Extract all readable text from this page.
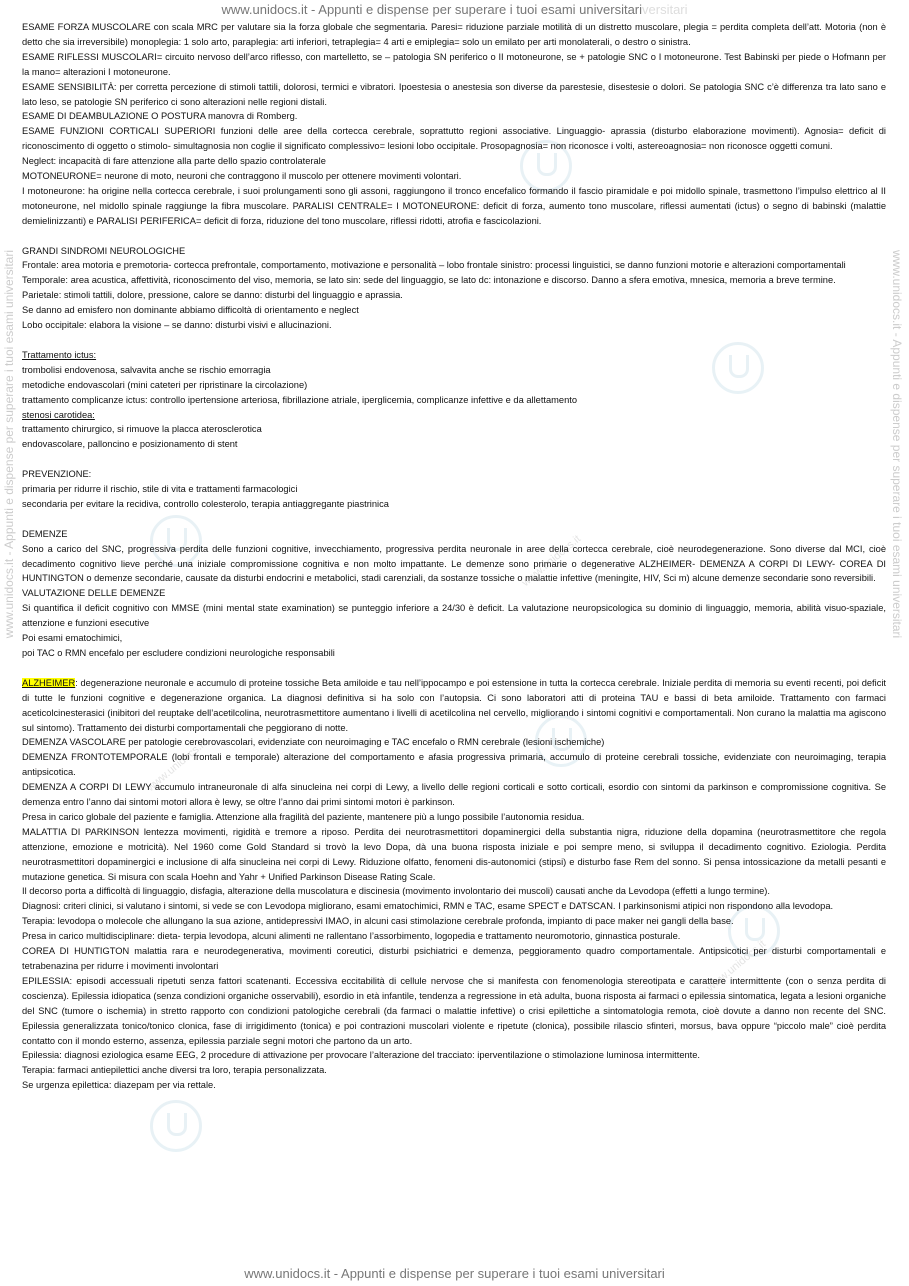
www.unidocs.it - Appunti e dispense per superare i tuoi esami universitariversitari
www.unidocs.it - Appunti e dispense per superare i tuoi esami universitari	www.unidocs.it - Appunti e dispense per superare i tuoi esami universitari
www.unidocs.it
www.unidocs.it
www.unidocs.it

ESAME FORZA MUSCOLARE con scala MRC per valutare sia la forza globale che segmentaria. Paresi= riduzione parziale motilità di un distretto muscolare, plegia = perdita completa dell’att. Motoria (non è detto che sia irreversibile) monoplegia: 1 solo arto, paraplegia: arti inferiori, tetraplegia= 4 arti e emiplegia= solo un emilato per arti monolaterali, o destro o sinistra.

ESAME RIFLESSI MUSCOLARI= circuito nervoso dell’arco riflesso, con martelletto, se – patologia SN periferico o II motoneurone, se + patologie SNC o I motoneurone. Test Babinski per piede o Hofmann per la mano= alterazioni I motoneurone.

ESAME SENSIBILITÀ: per corretta percezione di stimoli tattili, dolorosi, termici e vibratori. Ipoestesia o anestesia son diverse da parestesie, disestesie o dolori. Se patologia SNC c’è differenza tra lato sano e lato leso, se patologie SN periferico ci sono alterazioni nelle regioni distali.

ESAME DI DEAMBULAZIONE O POSTURA manovra di Romberg.

ESAME FUNZIONI CORTICALI SUPERIORI funzioni delle aree della cortecca cerebrale, soprattutto regioni associative. Linguaggio- aprassia (disturbo elaborazione movimenti). Agnosia= deficit di riconoscimento di oggetto o stimolo- simultagnosia non coglie il significato complessivo= lesioni lobo occipitale. Prosopagnosia= non riconosce i volti, astereoagnosia= non riconosce oggetti comuni.

Neglect: incapacità di fare attenzione alla parte dello spazio controlaterale

MOTONEURONE= neurone di moto, neuroni che contraggono il muscolo per ottenere movimenti volontari.

I motoneurone: ha origine nella cortecca cerebrale, i suoi prolungamenti sono gli assoni, raggiungono il tronco encefalico formando il fascio piramidale e poi midollo spinale, trasmettono l’impulso elettrico al II motoneurone, nel midollo spinale raggiunge la fibra muscolare. PARALISI CENTRALE= I MOTONEURONE: deficit di forza, aumento tono muscolare, riflessi aumentati (ictus) o segno di babinski (malattie demielinizzanti) e PARALISI PERIFERICA= deficit di forza, riduzione del tono muscolare, riflessi ridotti, atrofia e fascicolazioni.

GRANDI SINDROMI NEUROLOGICHE

Frontale: area motoria e premotoria- cortecca prefrontale, comportamento, motivazione e personalità – lobo frontale sinistro: processi linguistici, se danno funzioni motorie e alterazioni comportamentali

Temporale: area acustica, affettività, riconoscimento del viso, memoria, se lato sin: sede del linguaggio, se lato dc: intonazione e discorso. Danno a sfera emotiva, mnesica, memoria a breve termine.

Parietale: stimoli tattili, dolore, pressione, calore se danno: disturbi del linguaggio e aprassia.

Se danno ad emisfero non dominante abbiamo difficoltà di orientamento e neglect

Lobo occipitale: elabora la visione – se danno: disturbi visivi e allucinazioni.

Trattamento ictus:

trombolisi endovenosa, salvavita anche se rischio emorragia

metodiche endovascolari (mini cateteri per ripristinare la circolazione)

trattamento complicanze ictus: controllo ipertensione arteriosa, fibrillazione atriale, iperglicemia, complicanze infettive e da allettamento

stenosi carotidea:

trattamento chirurgico, si rimuove la placca aterosclerotica

endovascolare, palloncino e posizionamento di stent

PREVENZIONE:

primaria per ridurre il rischio, stile di vita e trattamenti farmacologici

secondaria per evitare la recidiva, controllo colesterolo, terapia antiaggregante piastrinica

DEMENZE

Sono a carico del SNC, progressiva perdita delle funzioni cognitive, invecchiamento, progressiva perdita neuronale in aree della cortecca cerebrale, cioè neurodegenerazione. Sono diverse dal MCI, cioè decadimento cognitivo lieve perché una iniziale compromissione cognitiva e non molto impattante. Le demenze sono primarie o degenerative ALZHEIMER- DEMENZA A CORPI DI LEWY- COREA DI HUNTINGTON o demenze secondarie, causate da disturbi endocrini e metabolici, stadi carenziali, da sostanze tossiche o malattie infettive (meningite, HIV, Sci m) alcune demenze secondarie sono reversibili.

VALUTAZIONE DELLE DEMENZE

Si quantifica il deficit cognitivo con MMSE (mini mental state examination) se punteggio inferiore a 24/30 è deficit. La valutazione neuropsicologica su dominio di linguaggio, memoria, abilità visuo-spaziale, attenzione e funzioni esecutive

Poi esami ematochimici,

poi TAC o RMN encefalo per escludere condizioni neurologiche responsabili

ALZHEIMER: degenerazione neuronale e accumulo di proteine tossiche Beta amiloide e tau nell’ippocampo e poi estensione in tutta la cortecca cerebrale. Iniziale perdita di memoria su eventi recenti, poi deficit di tutte le funzioni cognitive e degenerazione organica. La diagnosi definitiva si ha solo con l’autopsia. Ci sono laboratori atti di proteina TAU e bassi di beta amiloide. Trattamento con farmaci aceticolcinesterasici (inibitori del reuptake dell’acetilcolina, neurotrasmettitore aumentano i livelli di acetilcolina nel cervello, migliorando i sintomi cognitivi e comportamentali. Non curano la malattia ma agiscono sul sintomo). Trattamento dei disturbi comportamentali che peggiorano di notte.

DEMENZA VASCOLARE per patologie cerebrovascolari, evidenziate con neuroimaging e TAC encefalo o RMN cerebrale (lesioni ischemiche)

DEMENZA FRONTOTEMPORALE (lobi frontali e temporale) alterazione del comportamento e afasia progressiva primaria, accumulo di proteine cerebrali tossiche, evidenziate con neuroimaging, terapia antipsicotica.

DEMENZA A CORPI DI LEWY accumulo intraneuronale di alfa sinucleina nei corpi di Lewy, a livello delle regioni corticali e sotto corticali, esordio con sintomi da parkinson e compromissione cognitiva. Se demenza entro l’anno dai sintomi motori allora è lewy, se oltre l’anno dai primi sintomi motori è parkinson.

Presa in carico globale del paziente e famiglia. Attenzione alla fragilità del paziente, mantenere più a lungo possibile l’autonomia residua.

MALATTIA DI PARKINSON lentezza movimenti, rigidità e tremore a riposo. Perdita dei neurotrasmettitori dopaminergici della substantia nigra, riduzione della dopamina (neurotrasmettitore che regola attenzione, emozione e motricità). Nel 1960 come Gold Standard si trovò la levo Dopa, dà una buona risposta iniziale e poi sempre meno, si sviluppa il decadimento cognitivo. Eziologia. Perdita neurotrasmettitori dopaminergici e inclusione di alfa sinucleina nei corpi di Lewy. Riduzione olfatto, fenomeni dis-autonomici (stipsi) e disturbo fase Rem del sonno. Si pensa intossicazione da metalli pesanti e mutazione genetica. Si misura con scala Hoehn and Yahr + Unified Parkinson Disease Rating Scale.

Il decorso porta a difficoltà di linguaggio, disfagia, alterazione della muscolatura e discinesia (movimento involontario dei muscoli) causati anche da Levodopa (effetti a lungo termine).

Diagnosi: criteri clinici, si valutano i sintomi, si vede se con Levodopa migliorano, esami ematochimici, RMN e TAC, esame SPECT e DATSCAN. I parkinsonismi atipici non rispondono alla levodopa.

Terapia: levodopa o molecole che allungano la sua azione, antidepressivi IMAO, in alcuni casi stimolazione cerebrale profonda, impianto di pace maker nei gangli della base.

Presa in carico multidisciplinare: dieta- terpia levodopa, alcuni alimenti ne rallentano l’assorbimento, logopedia e trattamento neuromotorio, ginnastica posturale.

COREA DI HUNTIGTON malattia rara e neurodegenerativa, movimenti coreutici, disturbi psichiatrici e demenza, peggioramento quadro comportamentale. Antipsicotici per disturbi comportamentali e tetrabenazina per ridurre i movimenti involontari

EPILESSIA: episodi accessuali ripetuti senza fattori scatenanti. Eccessiva eccitabilità di cellule nervose che si manifesta con fenomenologia stereotipata e carattere intermittente (con o senza perdita di coscienza). Epilessia idiopatica (senza condizioni organiche osservabili), esordio in età infantile, tendenza a regressione in età adulta, buona risposta ai farmaci o epilessia sintomatica, legata a lesioni organiche del SNC (tumore o ischemia) in stretto rapporto con condizioni patologiche cerebrali (da farmaci o malattie infettive) o crisi epilettiche a sintomatologia remota, cioè dovute a danno non recente del SNC. Epilessia generalizzata tonico/tonico clonica, fase di irrigidimento (tonica) e poi contrazioni muscolari violente e ripetute (clonica), possibile rilascio sfinteri, morsus, bava oppure “piccolo male” cioè perdita contatto con il mondo esterno, assenza, epilessia parziale segni motori che partono da un arto.

Epilessia: diagnosi eziologica esame EEG, 2 procedure di attivazione per provocare l’alterazione del tracciato: iperventilazione o stimolazione luminosa intermittente.

Terapia: farmaci antiepilettici anche diversi tra loro, terapia personalizzata.

Se urgenza epilettica: diazepam per via rettale.

www.unidocs.it - Appunti e dispense per superare i tuoi esami universitari
